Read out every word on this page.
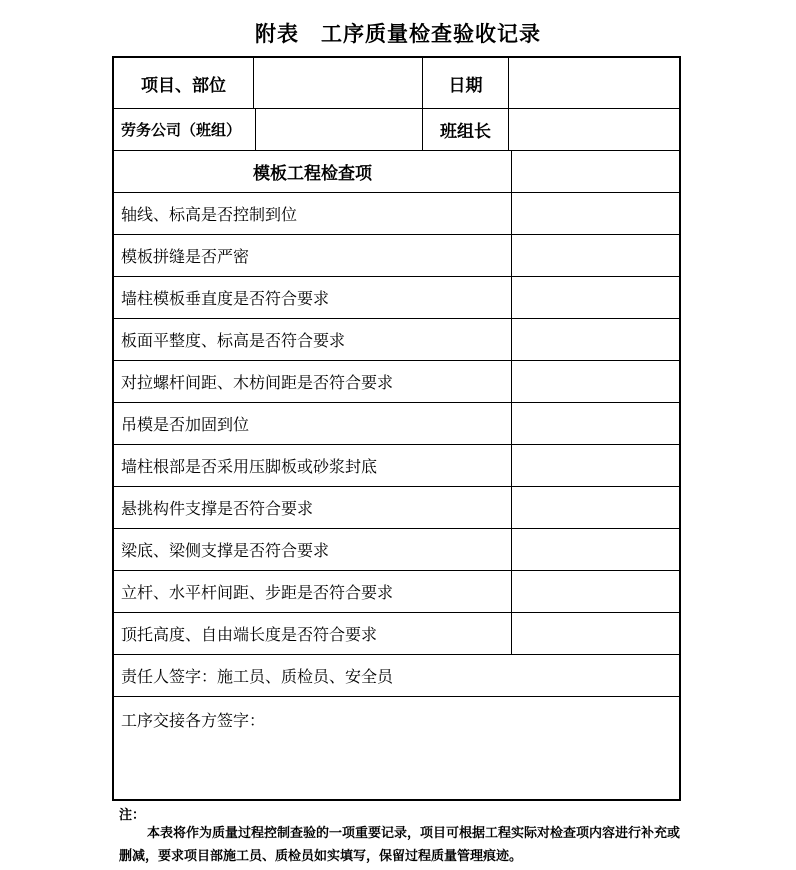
附表 工序质量检查验收记录
项目、部位	日期
劳务公司（班组）	班组长
模板工程检查项
轴线、标高是否控制到位
模板拼缝是否严密
墙柱模板垂直度是否符合要求
板面平整度、标高是否符合要求
对拉螺杆间距、木枋间距是否符合要求
吊模是否加固到位
墙柱根部是否采用压脚板或砂浆封底
悬挑构件支撑是否符合要求
梁底、梁侧支撑是否符合要求
立杆、水平杆间距、步距是否符合要求
顶托高度、自由端长度是否符合要求
责任人签字：施工员、质检员、安全员
工序交接各方签字：
注：
本表将作为质量过程控制查验的一项重要记录，项目可根据工程实际对检查项内容进行补充或删减，要求项目部施工员、质检员如实填写，保留过程质量管理痕迹。
